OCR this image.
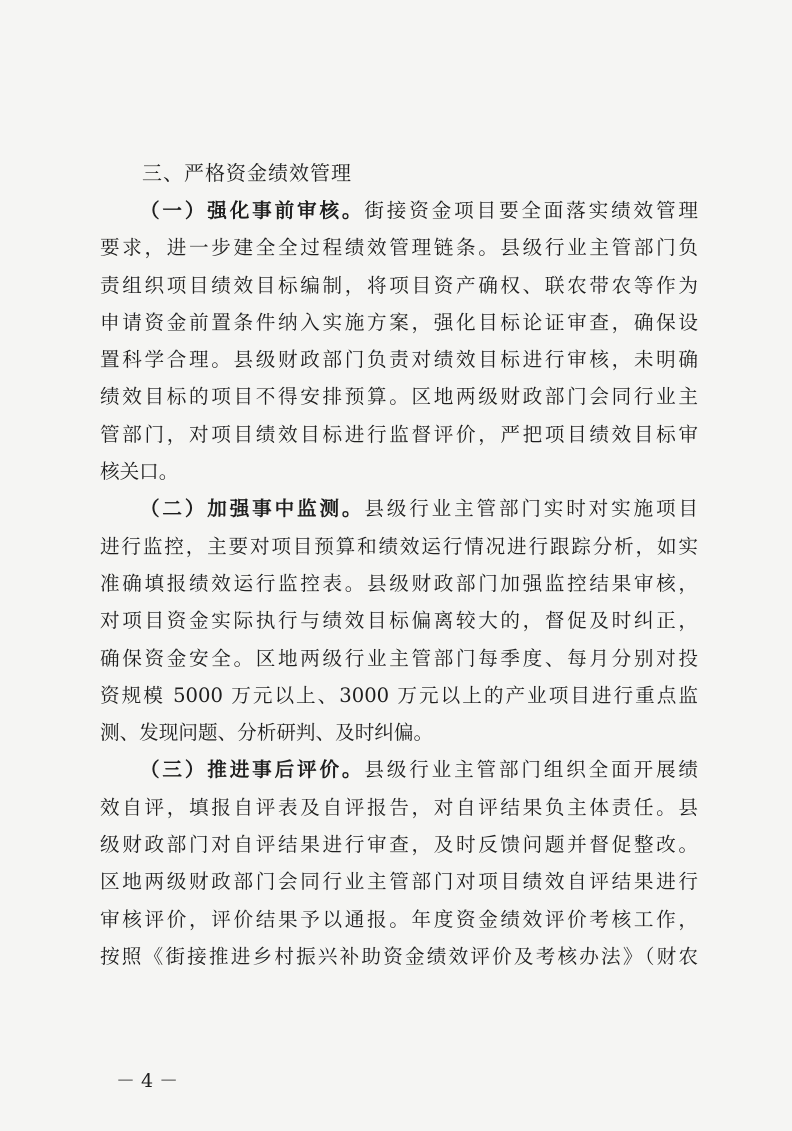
三、严格资金绩效管理

（一）强化事前审核。街接资金项目要全面落实绩效管理
要求，进一步建全全过程绩效管理链条。县级行业主管部门负
责组织项目绩效目标编制，将项目资产确权、联农带农等作为
申请资金前置条件纳入实施方案，强化目标论证审查，确保设
置科学合理。县级财政部门负责对绩效目标进行审核，未明确
绩效目标的项目不得安排预算。区地两级财政部门会同行业主
管部门，对项目绩效目标进行监督评价，严把项目绩效目标审
核关口。

（二）加强事中监测。县级行业主管部门实时对实施项目
进行监控，主要对项目预算和绩效运行情况进行跟踪分析，如实
准确填报绩效运行监控表。县级财政部门加强监控结果审核，
对项目资金实际执行与绩效目标偏离较大的，督促及时纠正，
确保资金安全。区地两级行业主管部门每季度、每月分别对投
资规模 5000 万元以上、3000 万元以上的产业项目进行重点监
测、发现问题、分析研判、及时纠偏。

（三）推进事后评价。县级行业主管部门组织全面开展绩
效自评，填报自评表及自评报告，对自评结果负主体责任。县
级财政部门对自评结果进行审查，及时反馈问题并督促整改。
区地两级财政部门会同行业主管部门对项目绩效自评结果进行
审核评价，评价结果予以通报。年度资金绩效评价考核工作，
按照《街接推进乡村振兴补助资金绩效评价及考核办法》（财农

－ 4 －
